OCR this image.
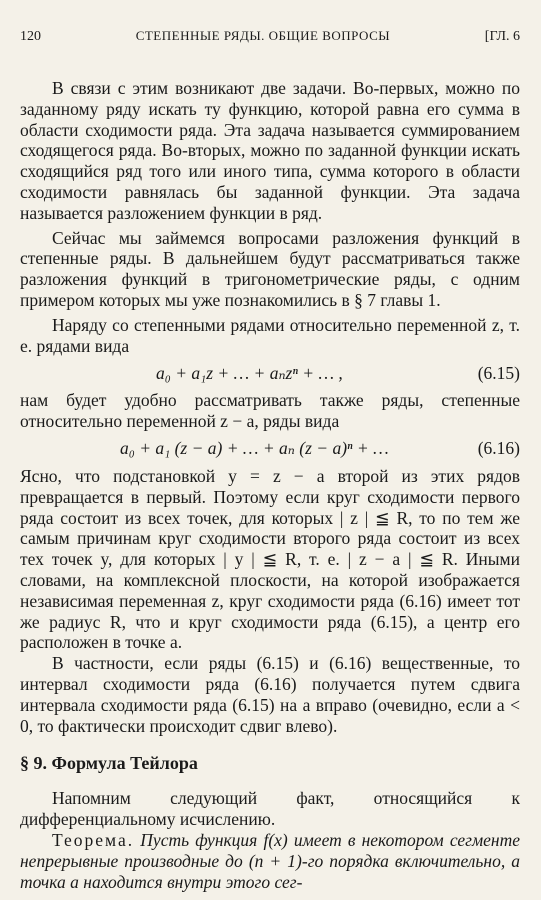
120	СТЕПЕННЫЕ РЯДЫ. ОБЩИЕ ВОПРОСЫ	[ГЛ. 6

В связи с этим возникают две задачи. Во-первых, можно по заданному ряду искать ту функцию, которой равна его сумма в области сходимости ряда. Эта задача называется суммированием сходящегося ряда. Во-вторых, можно по заданной функции искать сходящийся ряд того или иного типа, сумма которого в области сходимости равнялась бы заданной функции. Эта задача называется разложением функции в ряд.

Сейчас мы займемся вопросами разложения функций в степенные ряды. В дальнейшем будут рассматриваться также разложения функций в тригонометрические ряды, с одним примером которых мы уже познакомились в § 7 главы 1.

Наряду со степенными рядами относительно переменной z, т. е. рядами вида

a₀ + a₁z + … + aₙzⁿ + … ,	(6.15)

нам будет удобно рассматривать также ряды, степенные относительно переменной z − a, ряды вида

a₀ + a₁ (z − a) + … + aₙ (z − a)ⁿ + …	(6.16)

Ясно, что подстановкой y = z − a второй из этих рядов превращается в первый. Поэтому если круг сходимости первого ряда состоит из всех точек, для которых | z | ≦ R, то по тем же самым причинам круг сходимости второго ряда состоит из всех тех точек y, для которых | y | ≦ R, т. е. | z − a | ≦ R. Иными словами, на комплексной плоскости, на которой изображается независимая переменная z, круг сходимости ряда (6.16) имеет тот же радиус R, что и круг сходимости ряда (6.15), а центр его расположен в точке a.

В частности, если ряды (6.15) и (6.16) вещественные, то интервал сходимости ряда (6.16) получается путем сдвига интервала сходимости ряда (6.15) на a вправо (очевидно, если a < 0, то фактически происходит сдвиг влево).

§ 9. Формула Тейлора

Напомним следующий факт, относящийся к дифференциальному исчислению.

Теорема. Пусть функция f(x) имеет в некотором сегменте непрерывные производные до (n + 1)-го порядка включительно, а точка a находится внутри этого сег-
